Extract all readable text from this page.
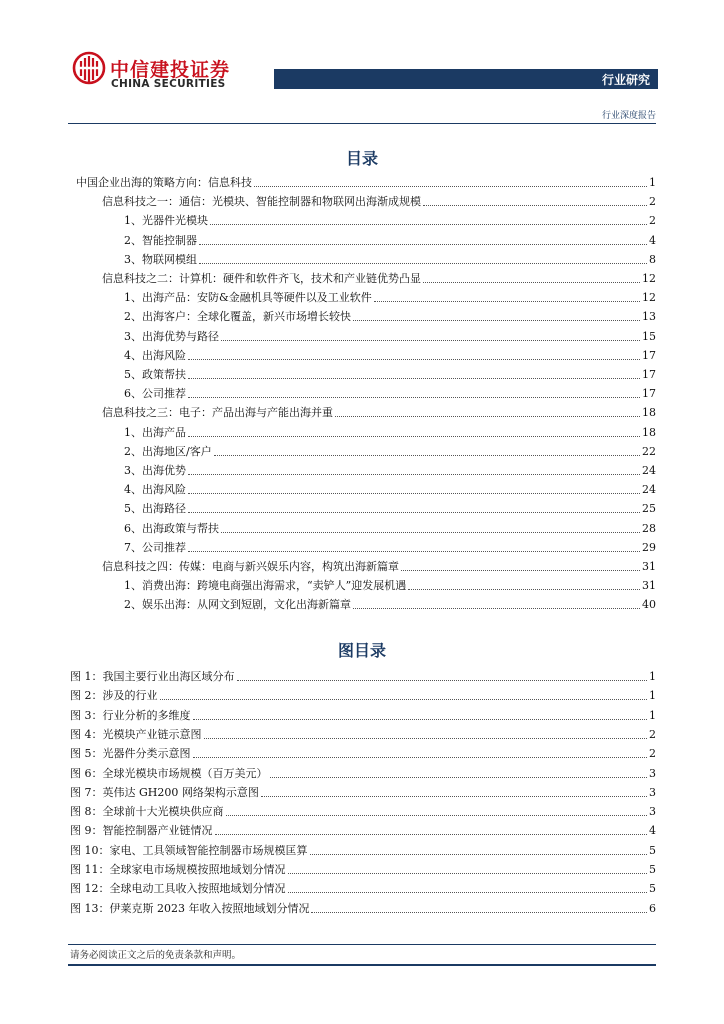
中信建投证券
CHINA SECURITIES	行业研究
行业深度报告
目录
中国企业出海的策略方向：信息科技	1
信息科技之一：通信：光模块、智能控制器和物联网出海渐成规模	2
1、光器件光模块	2
2、智能控制器	4
3、物联网模组	8
信息科技之二：计算机：硬件和软件齐飞，技术和产业链优势凸显	12
1、出海产品：安防&金融机具等硬件以及工业软件	12
2、出海客户：全球化覆盖，新兴市场增长较快	13
3、出海优势与路径	15
4、出海风险	17
5、政策帮扶	17
6、公司推荐	17
信息科技之三：电子：产品出海与产能出海并重	18
1、出海产品	18
2、出海地区/客户	22
3、出海优势	24
4、出海风险	24
5、出海路径	25
6、出海政策与帮扶	28
7、公司推荐	29
信息科技之四：传媒：电商与新兴娱乐内容，构筑出海新篇章	31
1、消费出海：跨境电商强出海需求，“卖铲人”迎发展机遇	31
2、娱乐出海：从网文到短剧，文化出海新篇章	40
图目录
图 1：我国主要行业出海区域分布	1
图 2：涉及的行业	1
图 3：行业分析的多维度	1
图 4：光模块产业链示意图	2
图 5：光器件分类示意图	2
图 6：全球光模块市场规模（百万美元）	3
图 7：英伟达 GH200 网络架构示意图	3
图 8：全球前十大光模块供应商	3
图 9：智能控制器产业链情况	4
图 10：家电、工具领域智能控制器市场规模匡算	5
图 11：全球家电市场规模按照地域划分情况	5
图 12：全球电动工具收入按照地域划分情况	5
图 13：伊莱克斯 2023 年收入按照地域划分情况	6
请务必阅读正文之后的免责条款和声明。
